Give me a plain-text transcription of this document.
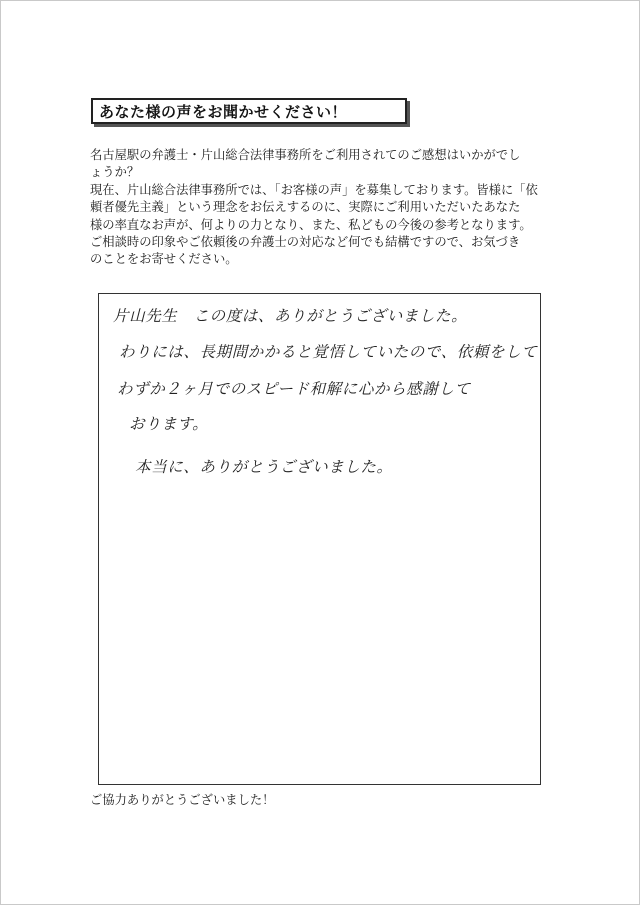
あなた様の声をお聞かせください！

名古屋駅の弁護士・片山総合法律事務所をご利用されてのご感想はいかがでし

ょうか？

現在、片山総合法律事務所では、「お客様の声」を募集しております。皆様に「依

頼者優先主義」という理念をお伝えするのに、実際にご利用いただいたあなた

様の率直なお声が、何よりの力となり、また、私どもの今後の参考となります。

ご相談時の印象やご依頼後の弁護士の対応など何でも結構ですので、お気づき

のことをお寄せください。

片山先生　この度は、ありがとうございました。
わりには、長期間かかると覚悟していたので、依頼をして
わずか２ヶ月でのスピード和解に心から感謝して
おります。
本当に、ありがとうございました。
ご協力ありがとうございました！
